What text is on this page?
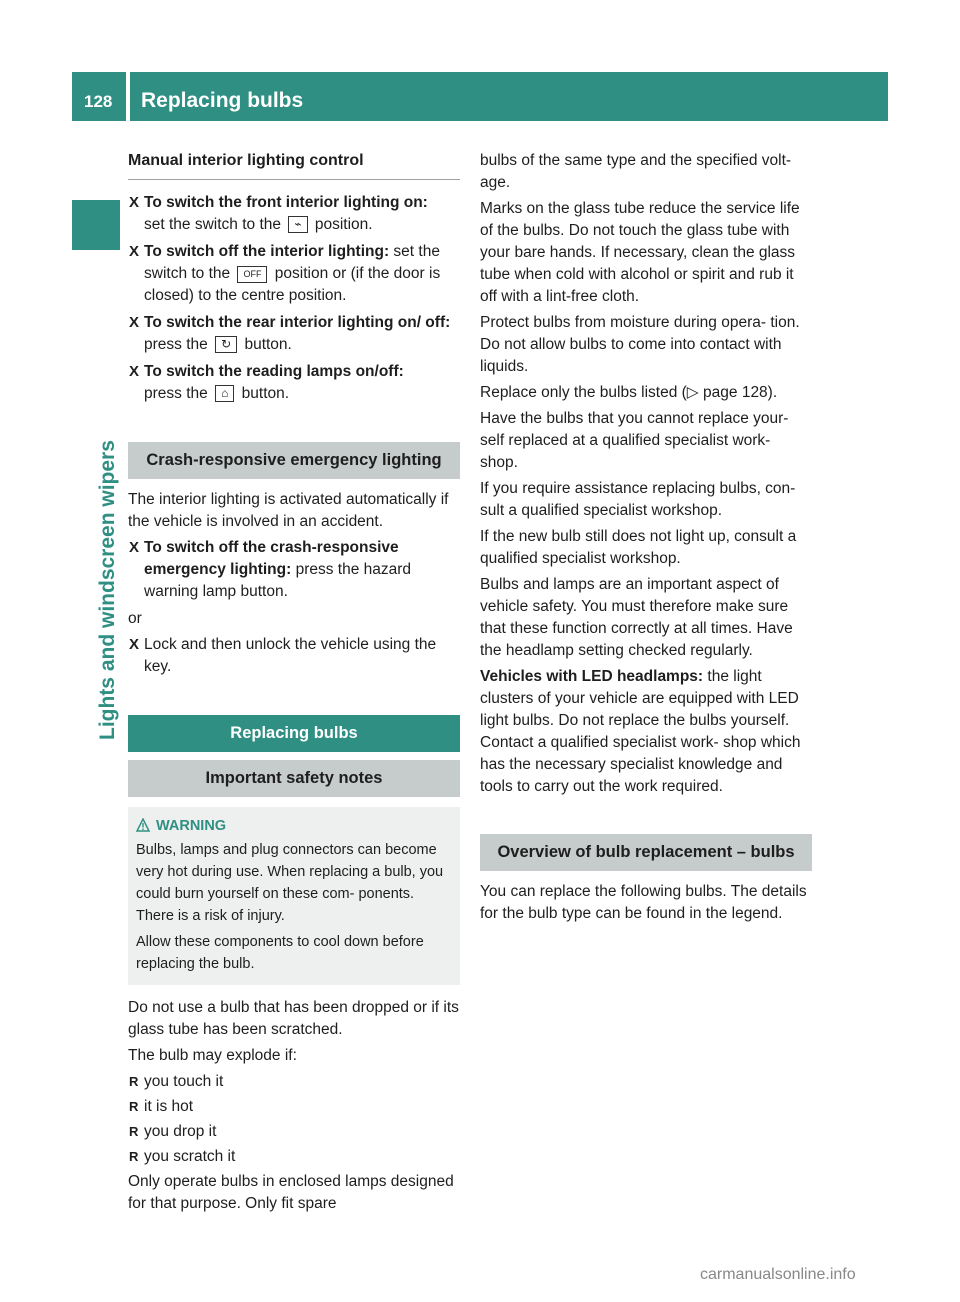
128 Replacing bulbs
Lights and windscreen wipers
Manual interior lighting control
X To switch the front interior lighting on:
set the switch to the ⌁ position.
X To switch off the interior lighting: set the switch to the OFF position or (if the door is closed) to the centre position.
X To switch the rear interior lighting on/ off: press the ↻ button.
X To switch the reading lamps on/off:
press the ⌂ button.
Crash-responsive emergency lighting

The interior lighting is activated automatically if the vehicle is involved in an accident.

X To switch off the crash-responsive emergency lighting: press the hazard warning lamp button.

or

X Lock and then unlock the vehicle using the key.
Replacing bulbs
Important safety notes
WARNING

Bulbs, lamps and plug connectors can become very hot during use. When replacing a bulb, you could burn yourself on these com- ponents. There is a risk of injury.

Allow these components to cool down before replacing the bulb.

Do not use a bulb that has been dropped or if its glass tube has been scratched.

The bulb may explode if:

R you touch it
R it is hot
R you drop it
R you scratch it

Only operate bulbs in enclosed lamps designed for that purpose. Only fit spare

bulbs of the same type and the specified volt- age.

Marks on the glass tube reduce the service life of the bulbs. Do not touch the glass tube with your bare hands. If necessary, clean the glass tube when cold with alcohol or spirit and rub it off with a lint-free cloth.

Protect bulbs from moisture during opera- tion. Do not allow bulbs to come into contact with liquids.

Replace only the bulbs listed (▷ page 128).

Have the bulbs that you cannot replace your- self replaced at a qualified specialist work- shop.

If you require assistance replacing bulbs, con- sult a qualified specialist workshop.

If the new bulb still does not light up, consult a qualified specialist workshop.

Bulbs and lamps are an important aspect of vehicle safety. You must therefore make sure that these function correctly at all times. Have the headlamp setting checked regularly.

Vehicles with LED headlamps: the light clusters of your vehicle are equipped with LED light bulbs. Do not replace the bulbs yourself. Contact a qualified specialist work- shop which has the necessary specialist knowledge and tools to carry out the work required.

Overview of bulb replacement – bulbs

You can replace the following bulbs. The details for the bulb type can be found in the legend.

carmanualsonline.info
